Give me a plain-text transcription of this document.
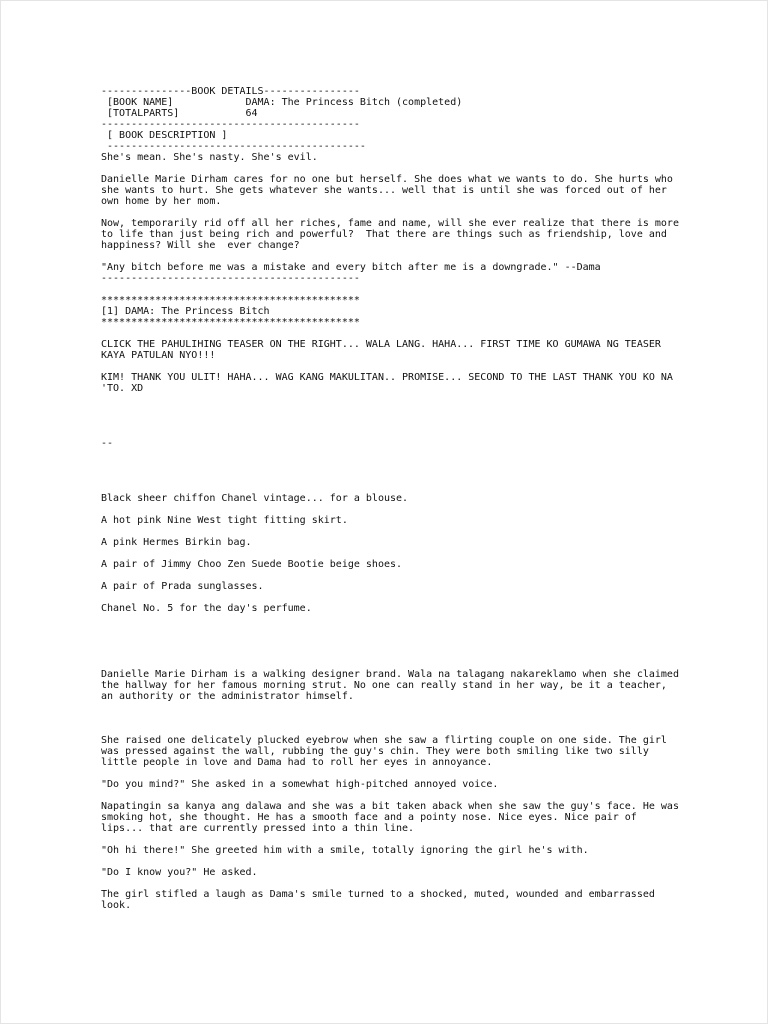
---------------BOOK DETAILS----------------
[BOOK NAME]            DAMA: The Princess Bitch (completed)
[TOTALPARTS]           64
-------------------------------------------
[ BOOK DESCRIPTION ]
-------------------------------------------
She's mean. She's nasty. She's evil.
Danielle Marie Dirham cares for no one but herself. She does what we wants to do. She hurts who she wants to hurt. She gets whatever she wants... well that is until she was forced out of her own home by her mom.
Now, temporarily rid off all her riches, fame and name, will she ever realize that there is more to life than just being rich and powerful?  That there are things such as friendship, love and happiness? Will she  ever change?
"Any bitch before me was a mistake and every bitch after me is a downgrade." --Dama
-------------------------------------------
*******************************************
[1] DAMA: The Princess Bitch
*******************************************
CLICK THE PAHULIHING TEASER ON THE RIGHT... WALA LANG. HAHA... FIRST TIME KO GUMAWA NG TEASER KAYA PATULAN NYO!!!
KIM! THANK YOU ULIT! HAHA... WAG KANG MAKULITAN.. PROMISE... SECOND TO THE LAST THANK YOU KO NA 'TO. XD
--
Black sheer chiffon Chanel vintage... for a blouse.
A hot pink Nine West tight fitting skirt.
A pink Hermes Birkin bag.
A pair of Jimmy Choo Zen Suede Bootie beige shoes.
A pair of Prada sunglasses.
Chanel No. 5 for the day's perfume.
Danielle Marie Dirham is a walking designer brand. Wala na talagang nakareklamo when she claimed the hallway for her famous morning strut. No one can really stand in her way, be it a teacher, an authority or the administrator himself.
She raised one delicately plucked eyebrow when she saw a flirting couple on one side. The girl was pressed against the wall, rubbing the guy's chin. They were both smiling like two silly little people in love and Dama had to roll her eyes in annoyance.
"Do you mind?" She asked in a somewhat high-pitched annoyed voice.
Napatingin sa kanya ang dalawa and she was a bit taken aback when she saw the guy's face. He was smoking hot, she thought. He has a smooth face and a pointy nose. Nice eyes. Nice pair of lips... that are currently pressed into a thin line.
"Oh hi there!" She greeted him with a smile, totally ignoring the girl he's with.
"Do I know you?" He asked.
The girl stifled a laugh as Dama's smile turned to a shocked, muted, wounded and embarrassed look.
